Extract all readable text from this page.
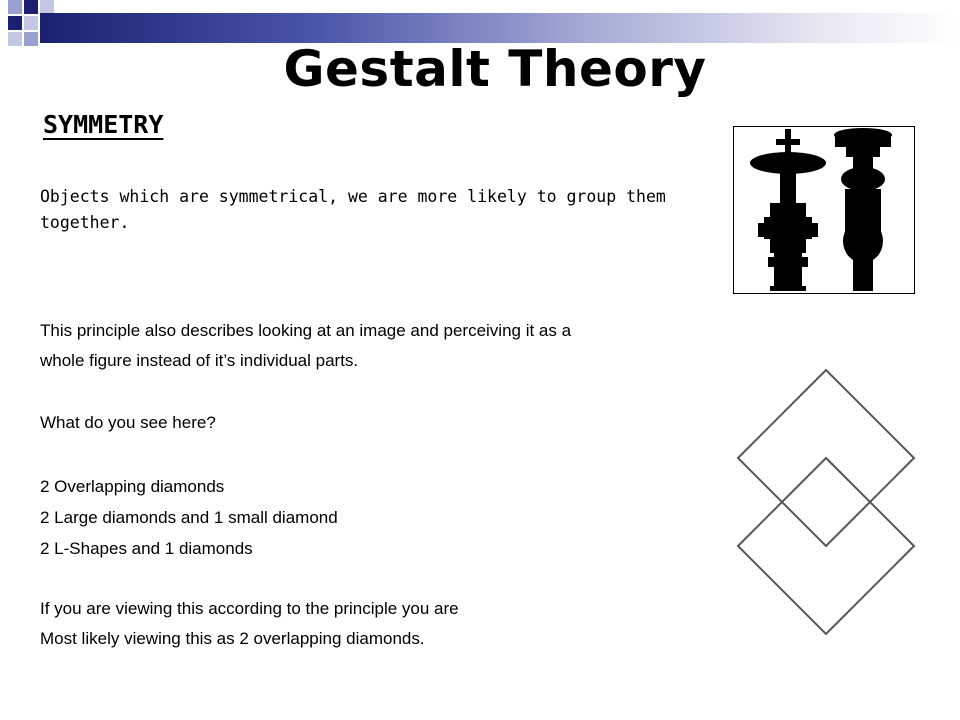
Gestalt Theory
SYMMETRY
Objects which are symmetrical, we are more likely to group them together.
This principle also describes looking at an image and perceiving it as a
whole figure instead of it’s individual parts.
What do you see here?
2 Overlapping diamonds
2 Large diamonds and 1 small diamond
2 L-Shapes and 1 diamonds
If you are viewing this according to the principle you are
Most likely viewing this as 2 overlapping diamonds.
